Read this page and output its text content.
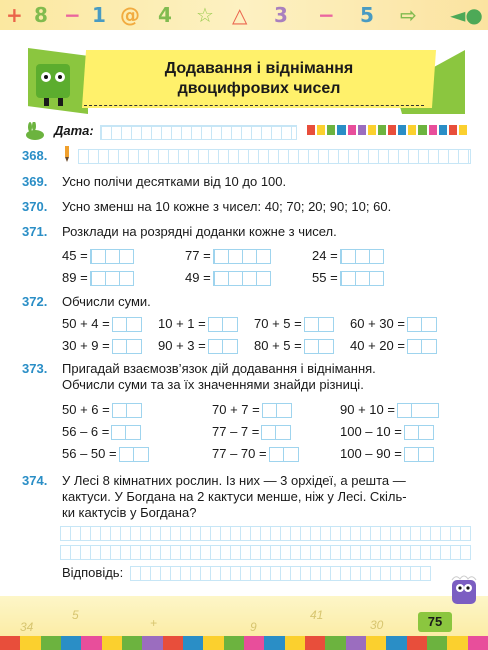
+ 8 − 1 @ 4 ☆ △ 3 − 5 ⇨ ◄●
Додавання і віднімання
двоцифрових чисел
Дата:
368.
369. Усно полічи десятками від 10 до 100.
370. Усно зменш на 10 кожне з чисел: 40; 70; 20; 90; 10; 60.
371. Розклади на розрядні доданки кожне з чисел.
45 =	77 =	24 =
89 =	49 =	55 =
372. Обчисли суми.
50 + 4 =	10 + 1 =	70 + 5 =	60 + 30 =
30 + 9 =	90 + 3 =	80 + 5 =	40 + 20 =
373. Пригадай взаємозв’язок дій додавання і віднімання.
Обчисли суми та за їх значеннями знайди різниці.
50 + 6 =	70 + 7 =	90 + 10 =
56 – 6 =	77 – 7 =	100 – 10 =
56 – 50 =	77 – 70 =	100 – 90 =
374. У Лесі 8 кімнатних рослин. Із них — 3 орхідеї, а решта —
кактуси. У Богдана на 2 кактуси менше, ніж у Лесі. Скіль-
ки кактусів у Богдана?
Відповідь:
34
5
+	9
41
30	75
